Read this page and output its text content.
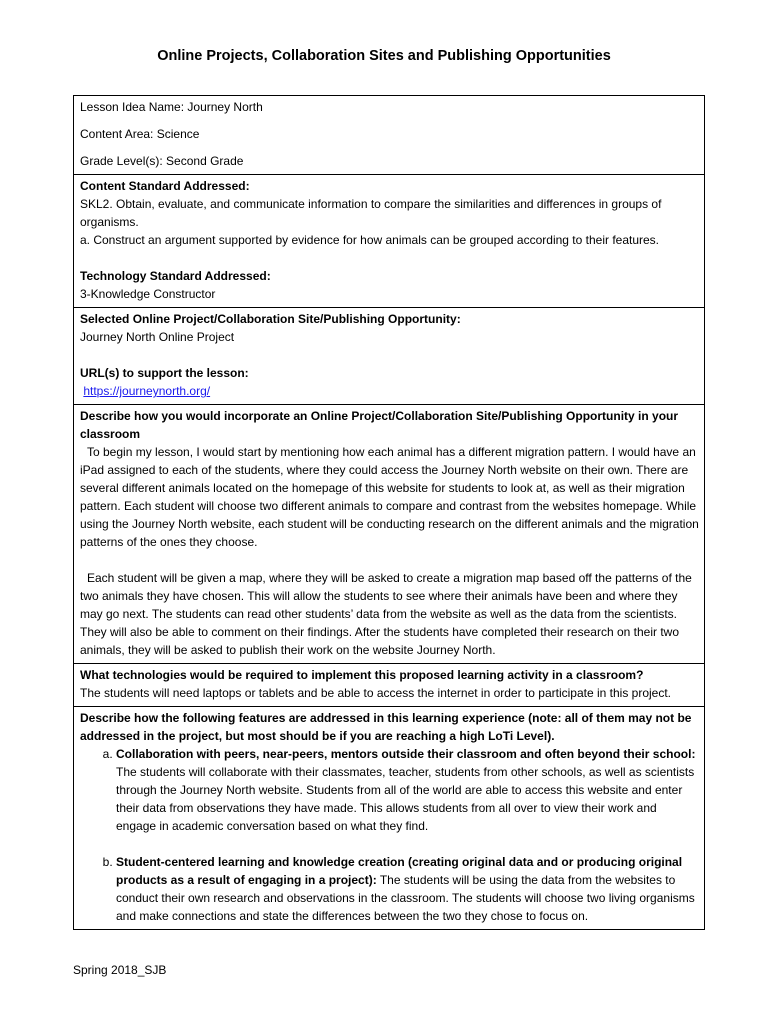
Online Projects, Collaboration Sites and Publishing Opportunities
Lesson Idea Name: Journey North
Content Area: Science
Grade Level(s): Second Grade

Content Standard Addressed:
SKL2. Obtain, evaluate, and communicate information to compare the similarities and differences in groups of organisms.
a. Construct an argument supported by evidence for how animals can be grouped according to their features.
Technology Standard Addressed:
3-Knowledge Constructor

Selected Online Project/Collaboration Site/Publishing Opportunity:
Journey North Online Project
URL(s) to support the lesson:
https://journeynorth.org/

Describe how you would incorporate an Online Project/Collaboration Site/Publishing Opportunity in your classroom

To begin my lesson, I would start by mentioning how each animal has a different migration pattern. I would have an iPad assigned to each of the students, where they could access the Journey North website on their own. There are several different animals located on the homepage of this website for students to look at, as well as their migration pattern. Each student will choose two different animals to compare and contrast from the websites homepage. While using the Journey North website, each student will be conducting research on the different animals and the migration patterns of the ones they choose.

Each student will be given a map, where they will be asked to create a migration map based off the patterns of the two animals they have chosen. This will allow the students to see where their animals have been and where they may go next. The students can read other students’ data from the website as well as the data from the scientists. They will also be able to comment on their findings. After the students have completed their research on their two animals, they will be asked to publish their work on the website Journey North.

What technologies would be required to implement this proposed learning activity in a classroom?
The students will need laptops or tablets and be able to access the internet in order to participate in this project.

Describe how the following features are addressed in this learning experience (note: all of them may not be addressed in the project, but most should be if you are reaching a high LoTi Level).
a. Collaboration with peers, near-peers, mentors outside their classroom and often beyond their school: The students will collaborate with their classmates, teacher, students from other schools, as well as scientists through the Journey North website. Students from all of the world are able to access this website and enter their data from observations they have made. This allows students from all over to view their work and engage in academic conversation based on what they find.
b. Student-centered learning and knowledge creation (creating original data and or producing original products as a result of engaging in a project): The students will be using the data from the websites to conduct their own research and observations in the classroom. The students will choose two living organisms and make connections and state the differences between the two they chose to focus on.
Spring 2018_SJB
